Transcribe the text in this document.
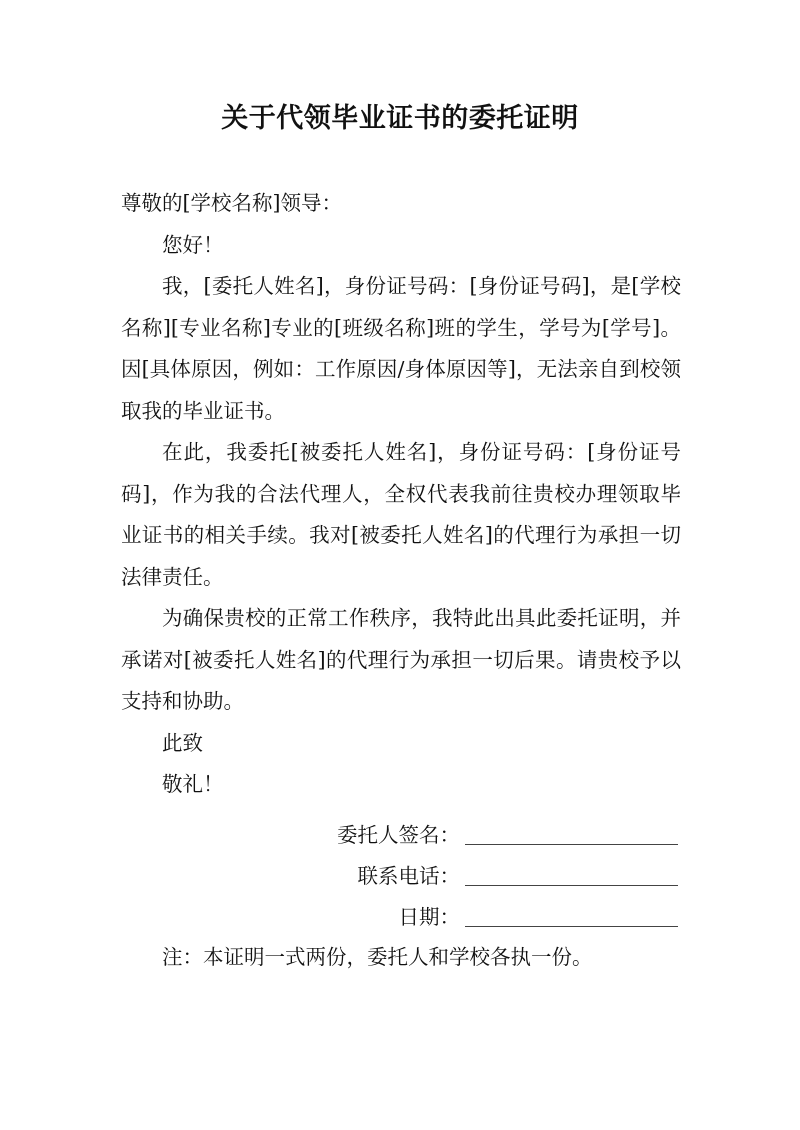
关于代领毕业证书的委托证明

尊敬的[学校名称]领导：

您好！

我，[委托人姓名]，身份证号码：[身份证号码]，是[学校名称][专业名称]专业的[班级名称]班的学生，学号为[学号]。因[具体原因，例如：工作原因/身体原因等]，无法亲自到校领取我的毕业证书。

在此，我委托[被委托人姓名]，身份证号码：[身份证号码]，作为我的合法代理人，全权代表我前往贵校办理领取毕业证书的相关手续。我对[被委托人姓名]的代理行为承担一切法律责任。

为确保贵校的正常工作秩序，我特此出具此委托证明，并承诺对[被委托人姓名]的代理行为承担一切后果。请贵校予以支持和协助。

此致

敬礼！

委托人签名：
联系电话：
日期：
注：本证明一式两份，委托人和学校各执一份。
